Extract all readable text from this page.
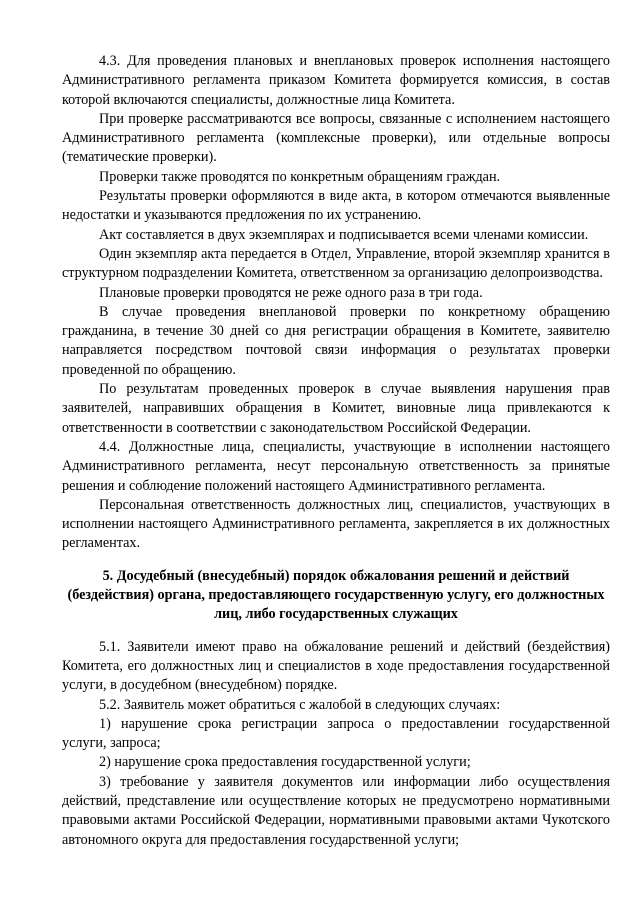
4.3. Для проведения плановых и внеплановых проверок исполнения настоящего Административного регламента приказом Комитета формируется комиссия, в состав которой включаются специалисты, должностные лица Комитета.

При проверке рассматриваются все вопросы, связанные с исполнением настоящего Административного регламента (комплексные проверки), или отдельные вопросы (тематические проверки).

Проверки также проводятся по конкретным обращениям граждан.

Результаты проверки оформляются в виде акта, в котором отмечаются выявленные недостатки и указываются предложения по их устранению.

Акт составляется в двух экземплярах и подписывается всеми членами комиссии.

Один экземпляр акта передается в Отдел, Управление, второй экземпляр хранится в структурном подразделении Комитета, ответственном за организацию делопроизводства.

Плановые проверки проводятся не реже одного раза в три года.

В случае проведения внеплановой проверки по конкретному обращению гражданина, в течение 30 дней со дня регистрации обращения в Комитете, заявителю направляется посредством почтовой связи информация о результатах проверки проведенной по обращению.

По результатам проведенных проверок в случае выявления нарушения прав заявителей, направивших обращения в Комитет, виновные лица привлекаются к ответственности в соответствии с законодательством Российской Федерации.

4.4. Должностные лица, специалисты, участвующие в исполнении настоящего Административного регламента, несут персональную ответственность за принятые решения и соблюдение положений настоящего Административного регламента.

Персональная ответственность должностных лиц, специалистов, участвующих в исполнении настоящего Административного регламента, закрепляется в их должностных регламентах.

5. Досудебный (внесудебный) порядок обжалования решений и действий (бездействия) органа, предоставляющего государственную услугу, его должностных лиц, либо государственных служащих

5.1. Заявители имеют право на обжалование решений и действий (бездействия) Комитета, его должностных лиц и специалистов в ходе предоставления государственной услуги, в досудебном (внесудебном) порядке.

5.2. Заявитель может обратиться с жалобой в следующих случаях:

1) нарушение срока регистрации запроса о предоставлении государственной услуги, запроса;

2) нарушение срока предоставления государственной услуги;

3) требование у заявителя документов или информации либо осуществления действий, представление или осуществление которых не предусмотрено нормативными правовыми актами Российской Федерации, нормативными правовыми актами Чукотского автономного округа для предоставления государственной услуги;
